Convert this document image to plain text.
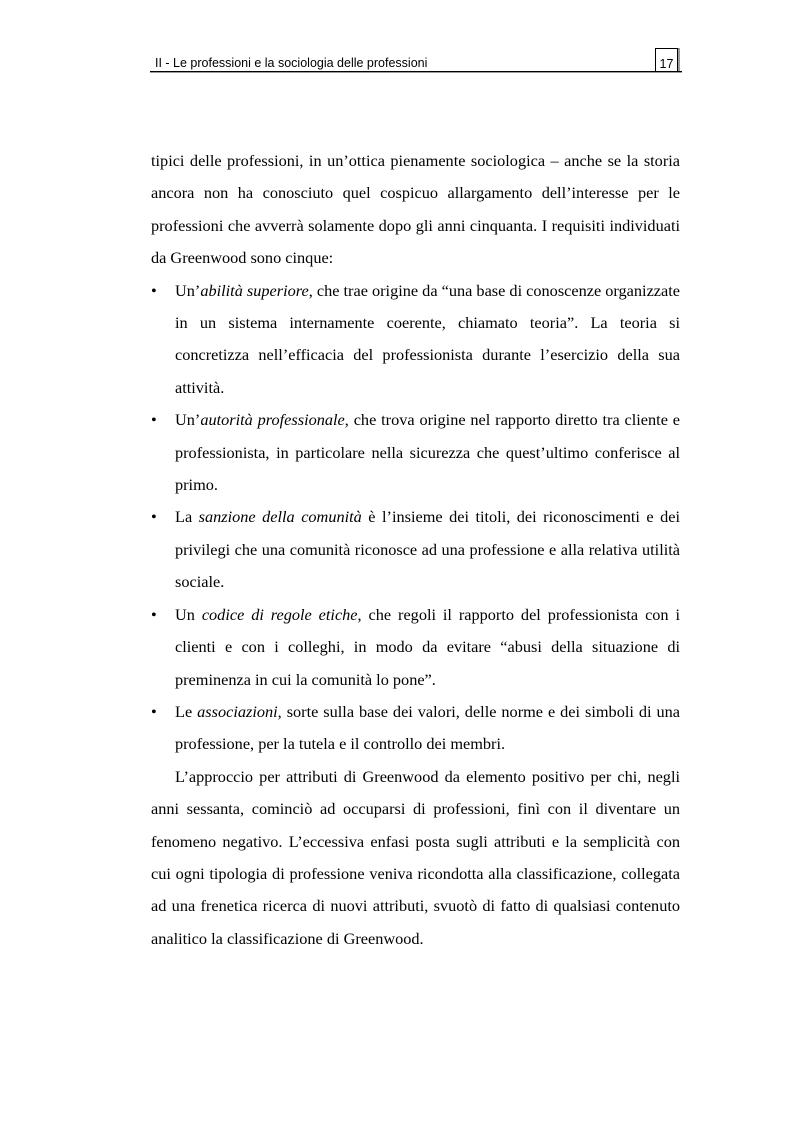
II - Le professioni e la sociologia delle professioni	17

tipici delle professioni, in un’ottica pienamente sociologica – anche se la storia ancora non ha conosciuto quel cospicuo allargamento dell’interesse per le professioni che avverrà solamente dopo gli anni cinquanta. I requisiti individuati da Greenwood sono cinque:

• Un’abilità superiore, che trae origine da “una base di conoscenze organizzate in un sistema internamente coerente, chiamato teoria”. La teoria si concretizza nell’efficacia del professionista durante l’esercizio della sua attività.
• Un’autorità professionale, che trova origine nel rapporto diretto tra cliente e professionista, in particolare nella sicurezza che quest’ultimo conferisce al primo.
• La sanzione della comunità è l’insieme dei titoli, dei riconoscimenti e dei privilegi che una comunità riconosce ad una professione e alla relativa utilità sociale.
• Un codice di regole etiche, che regoli il rapporto del professionista con i clienti e con i colleghi, in modo da evitare “abusi della situazione di preminenza in cui la comunità lo pone”.
• Le associazioni, sorte sulla base dei valori, delle norme e dei simboli di una professione, per la tutela e il controllo dei membri.

L’approccio per attributi di Greenwood da elemento positivo per chi, negli anni sessanta, cominciò ad occuparsi di professioni, finì con il diventare un fenomeno negativo. L’eccessiva enfasi posta sugli attributi e la semplicità con cui ogni tipologia di professione veniva ricondotta alla classificazione, collegata ad una frenetica ricerca di nuovi attributi, svuotò di fatto di qualsiasi contenuto analitico la classificazione di Greenwood.
